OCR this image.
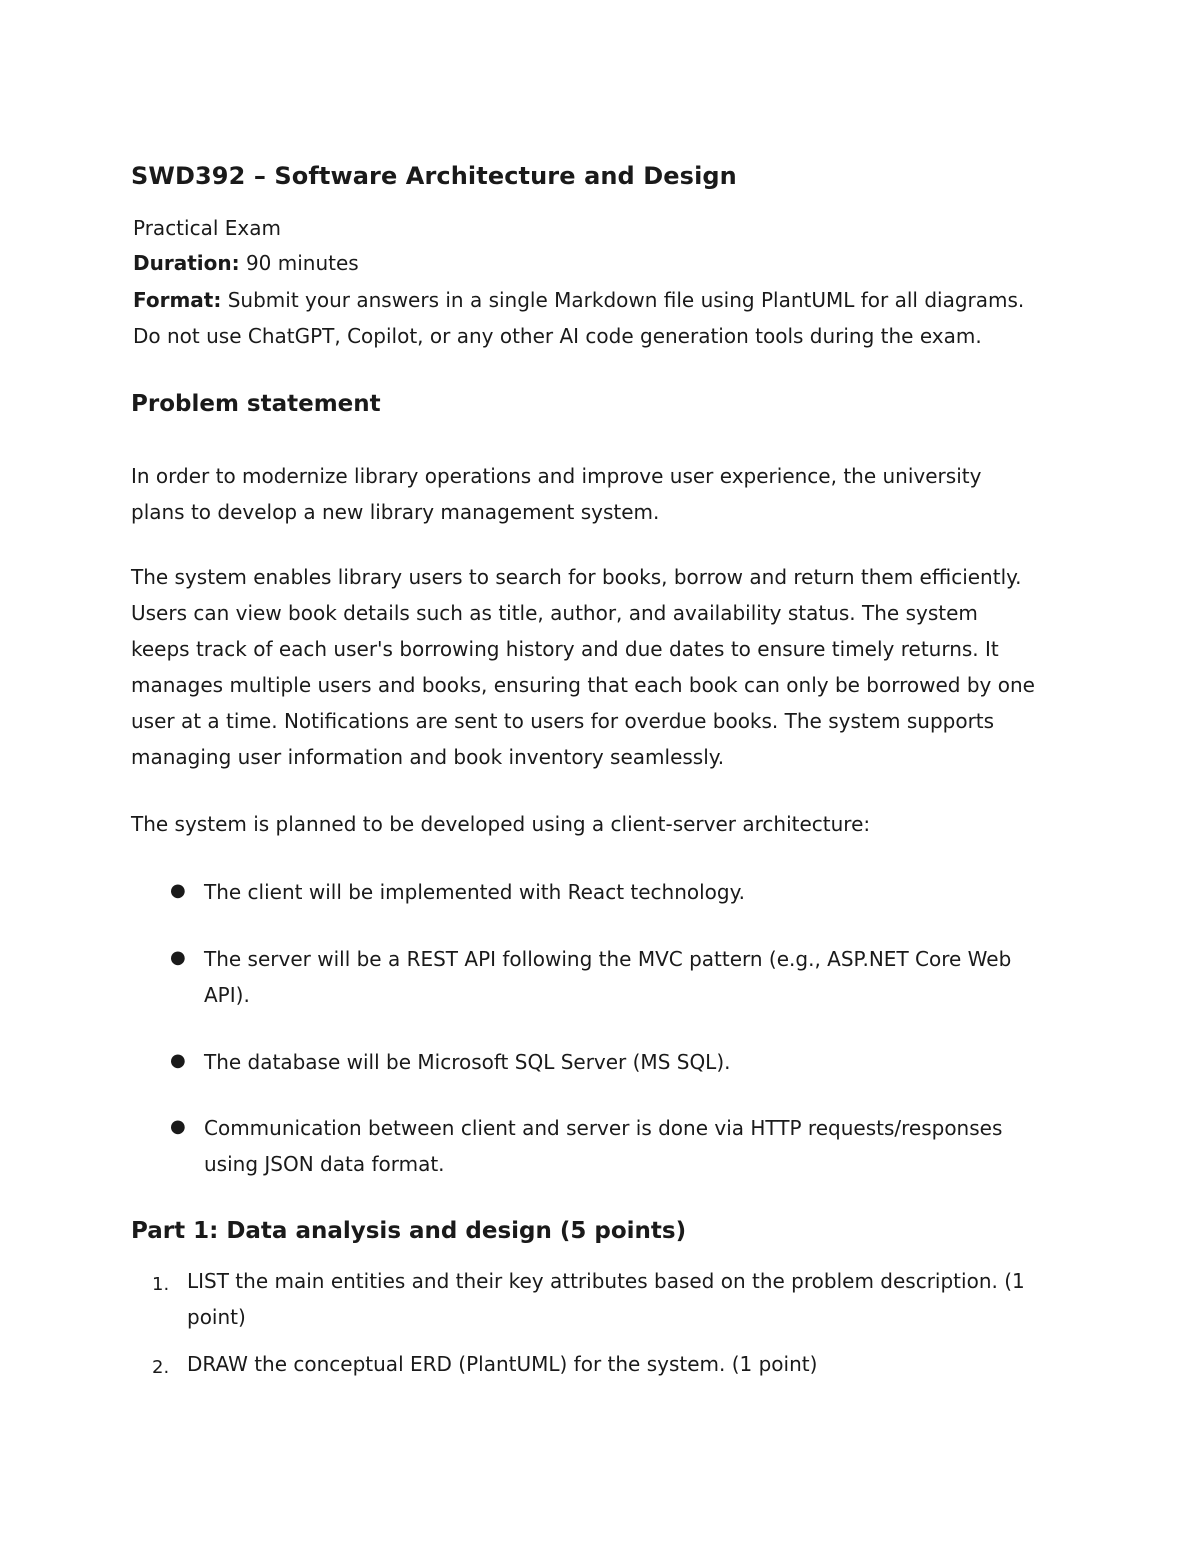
SWD392 – Software Architecture and Design
Practical Exam
Duration: 90 minutes
Format: Submit your answers in a single Markdown file using PlantUML for all diagrams.
Do not use ChatGPT, Copilot, or any other AI code generation tools during the exam.
Problem statement
In order to modernize library operations and improve user experience, the university
plans to develop a new library management system.
The system enables library users to search for books, borrow and return them efficiently.
Users can view book details such as title, author, and availability status. The system
keeps track of each user's borrowing history and due dates to ensure timely returns. It
manages multiple users and books, ensuring that each book can only be borrowed by one
user at a time. Notifications are sent to users for overdue books. The system supports
managing user information and book inventory seamlessly.
The system is planned to be developed using a client-server architecture:
● The client will be implemented with React technology.
● The server will be a REST API following the MVC pattern (e.g., ASP.NET Core Web
API).
● The database will be Microsoft SQL Server (MS SQL).
● Communication between client and server is done via HTTP requests/responses
using JSON data format.
Part 1: Data analysis and design (5 points)
1. LIST the main entities and their key attributes based on the problem description. (1
point)
2. DRAW the conceptual ERD (PlantUML) for the system. (1 point)
